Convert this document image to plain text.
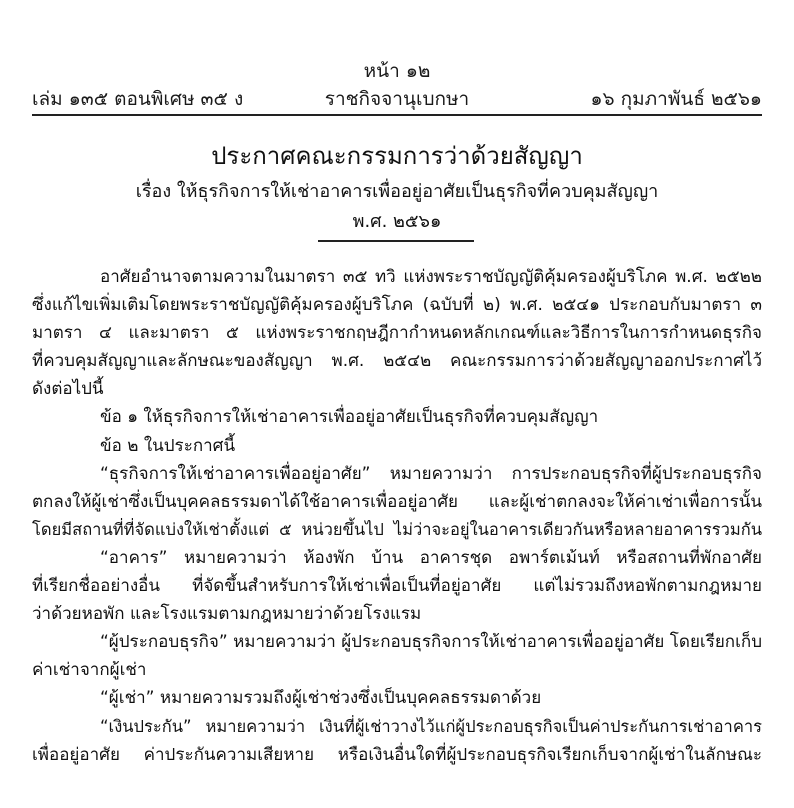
หน้า ๑๒
ราชกิจจานุเบกษา
เล่ม ๑๓๕ ตอนพิเศษ ๓๕ ง	๑๖ กุมภาพันธ์ ๒๕๖๑
ประกาศคณะกรรมการว่าด้วยสัญญา
เรื่อง ให้ธุรกิจการให้เช่าอาคารเพื่ออยู่อาศัยเป็นธุรกิจที่ควบคุมสัญญา
พ.ศ. ๒๕๖๑
อาศัยอำนาจตามความในมาตรา ๓๕ ทวิ แห่งพระราชบัญญัติคุ้มครองผู้บริโภค พ.ศ. ๒๕๒๒
ซึ่งแก้ไขเพิ่มเติมโดยพระราชบัญญัติคุ้มครองผู้บริโภค (ฉบับที่ ๒) พ.ศ. ๒๕๔๑ ประกอบกับมาตรา ๓
มาตรา ๔ และมาตรา ๕ แห่งพระราชกฤษฎีกากำหนดหลักเกณฑ์และวิธีการในการกำหนดธุรกิจ
ที่ควบคุมสัญญาและลักษณะของสัญญา พ.ศ. ๒๕๔๒ คณะกรรมการว่าด้วยสัญญาออกประกาศไว้
ดังต่อไปนี้
ข้อ ๑ ให้ธุรกิจการให้เช่าอาคารเพื่ออยู่อาศัยเป็นธุรกิจที่ควบคุมสัญญา
ข้อ ๒ ในประกาศนี้
“ธุรกิจการให้เช่าอาคารเพื่ออยู่อาศัย” หมายความว่า การประกอบธุรกิจที่ผู้ประกอบธุรกิจ
ตกลงให้ผู้เช่าซึ่งเป็นบุคคลธรรมดาได้ใช้อาคารเพื่ออยู่อาศัย และผู้เช่าตกลงจะให้ค่าเช่าเพื่อการนั้น
โดยมีสถานที่ที่จัดแบ่งให้เช่าตั้งแต่ ๕ หน่วยขึ้นไป ไม่ว่าจะอยู่ในอาคารเดียวกันหรือหลายอาคารรวมกัน
“อาคาร” หมายความว่า ห้องพัก บ้าน อาคารชุด อพาร์ตเม้นท์ หรือสถานที่พักอาศัย
ที่เรียกชื่ออย่างอื่น ที่จัดขึ้นสำหรับการให้เช่าเพื่อเป็นที่อยู่อาศัย แต่ไม่รวมถึงหอพักตามกฎหมาย
ว่าด้วยหอพัก และโรงแรมตามกฎหมายว่าด้วยโรงแรม
“ผู้ประกอบธุรกิจ” หมายความว่า ผู้ประกอบธุรกิจการให้เช่าอาคารเพื่ออยู่อาศัย โดยเรียกเก็บ
ค่าเช่าจากผู้เช่า
“ผู้เช่า” หมายความรวมถึงผู้เช่าช่วงซึ่งเป็นบุคคลธรรมดาด้วย
“เงินประกัน” หมายความว่า เงินที่ผู้เช่าวางไว้แก่ผู้ประกอบธุรกิจเป็นค่าประกันการเช่าอาคาร
เพื่ออยู่อาศัย ค่าประกันความเสียหาย หรือเงินอื่นใดที่ผู้ประกอบธุรกิจเรียกเก็บจากผู้เช่าในลักษณะ
